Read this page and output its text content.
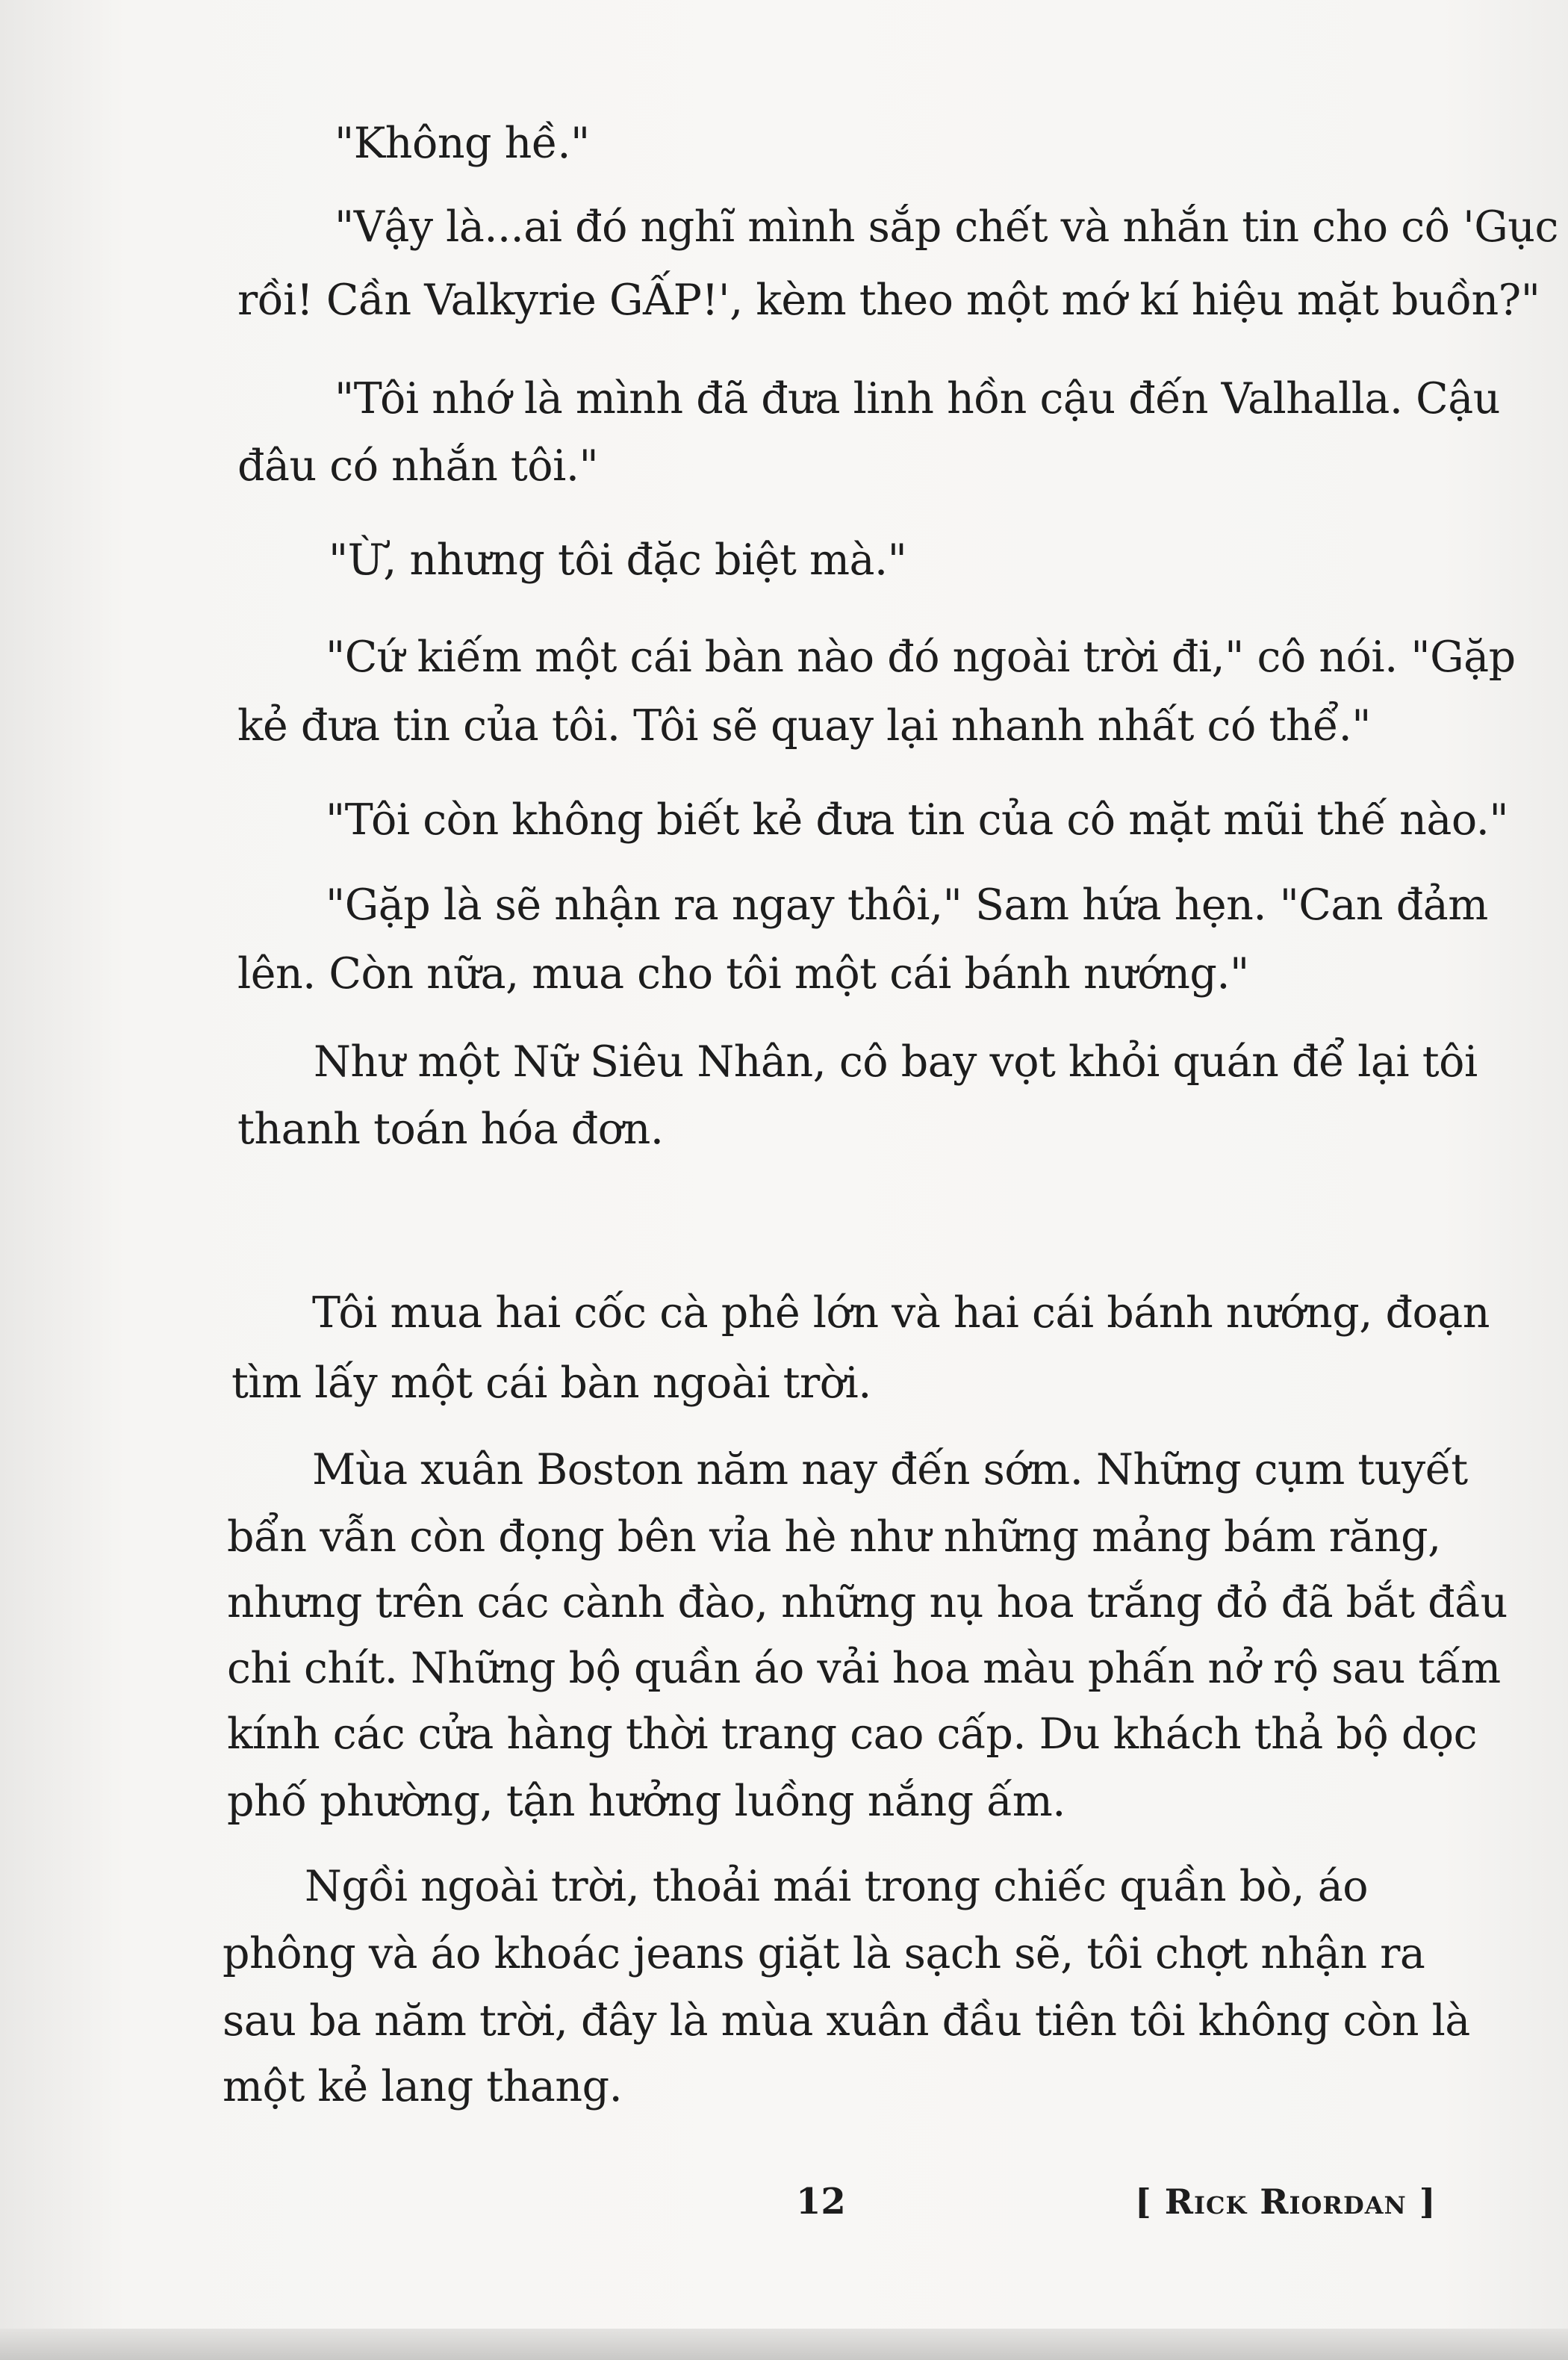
"Không hề."

"Vậy là...ai đó nghĩ mình sắp chết và nhắn tin cho cô 'Gục

rồi! Cần Valkyrie GẤP!', kèm theo một mớ kí hiệu mặt buồn?"

"Tôi nhớ là mình đã đưa linh hồn cậu đến Valhalla. Cậu

đâu có nhắn tôi."

"Ừ, nhưng tôi đặc biệt mà."

"Cứ kiếm một cái bàn nào đó ngoài trời đi," cô nói. "Gặp

kẻ đưa tin của tôi. Tôi sẽ quay lại nhanh nhất có thể."

"Tôi còn không biết kẻ đưa tin của cô mặt mũi thế nào."

"Gặp là sẽ nhận ra ngay thôi," Sam hứa hẹn. "Can đảm

lên. Còn nữa, mua cho tôi một cái bánh nướng."

Như một Nữ Siêu Nhân, cô bay vọt khỏi quán để lại tôi

thanh toán hóa đơn.

Tôi mua hai cốc cà phê lớn và hai cái bánh nướng, đoạn

tìm lấy một cái bàn ngoài trời.

Mùa xuân Boston năm nay đến sớm. Những cụm tuyết

bẩn vẫn còn đọng bên vỉa hè như những mảng bám răng,

nhưng trên các cành đào, những nụ hoa trắng đỏ đã bắt đầu

chi chít. Những bộ quần áo vải hoa màu phấn nở rộ sau tấm

kính các cửa hàng thời trang cao cấp. Du khách thả bộ dọc

phố phường, tận hưởng luồng nắng ấm.

Ngồi ngoài trời, thoải mái trong chiếc quần bò, áo

phông và áo khoác jeans giặt là sạch sẽ, tôi chợt nhận ra

sau ba năm trời, đây là mùa xuân đầu tiên tôi không còn là

một kẻ lang thang.

12	[ Rick Riordan ]
